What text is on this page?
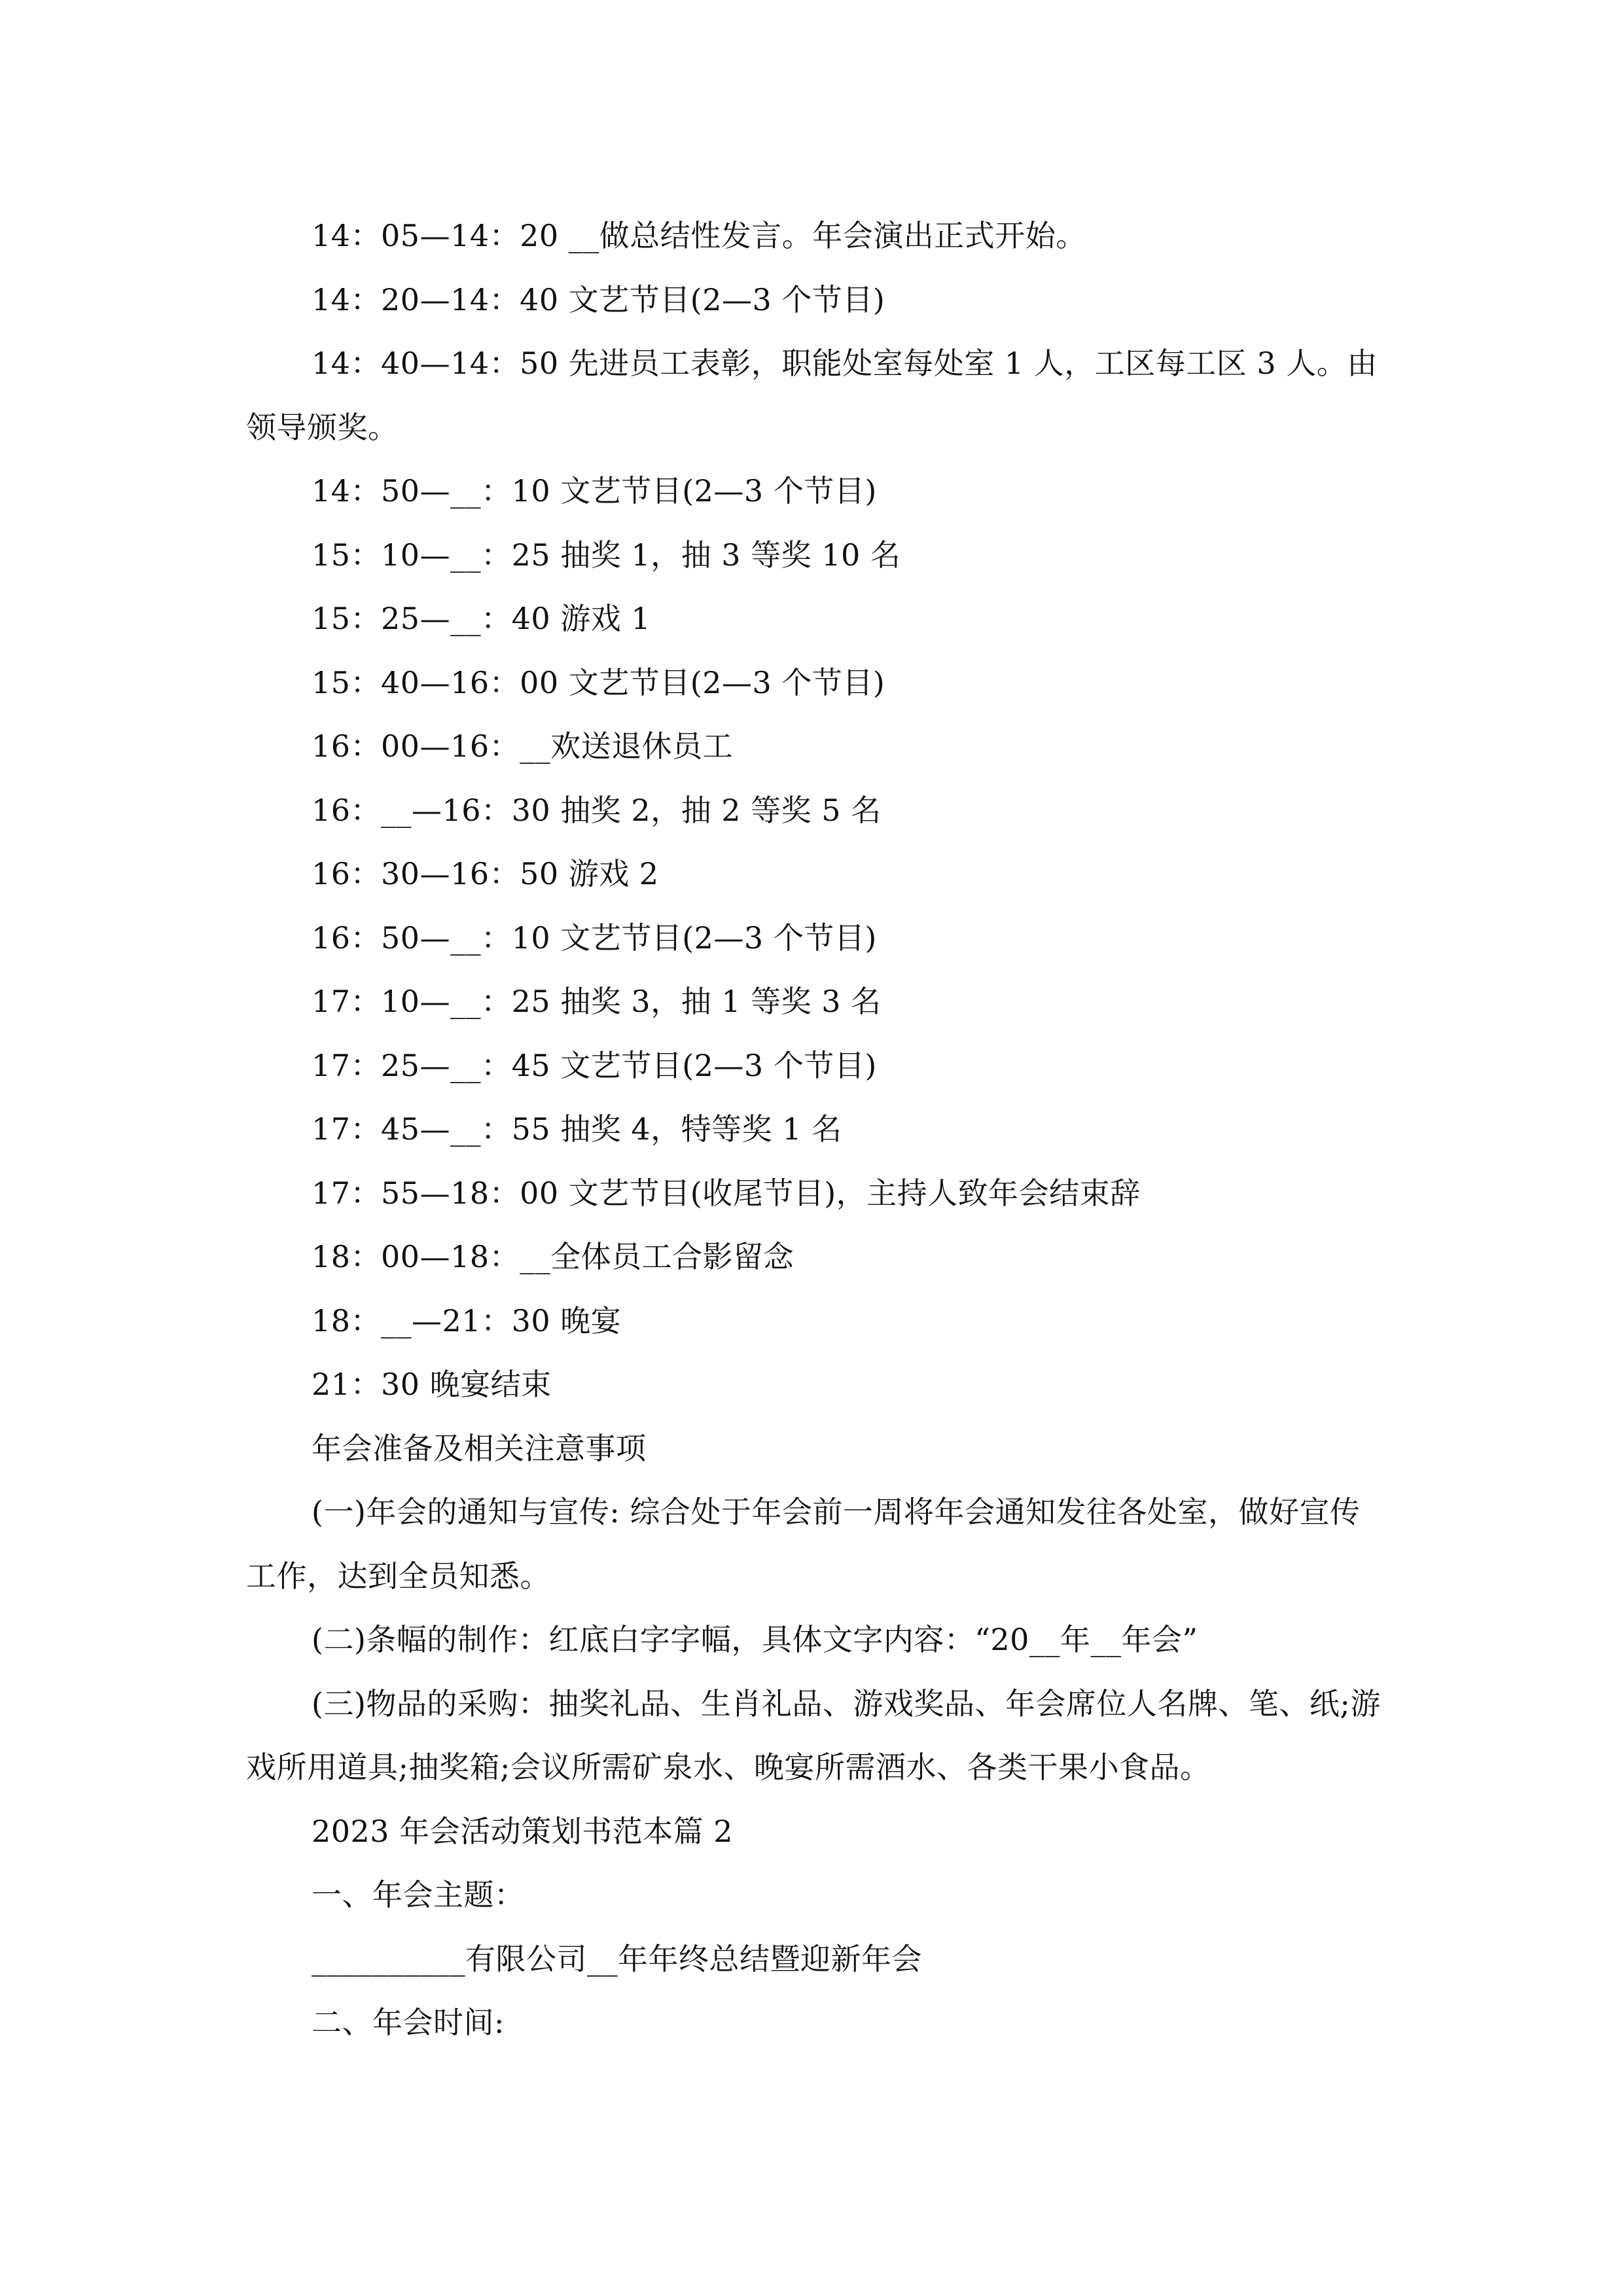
14：05—14：20 __做总结性发言。年会演出正式开始。

14：20—14：40 文艺节目(2—3 个节目)

14：40—14：50 先进员工表彰，职能处室每处室 1 人，工区每工区 3 人。由领导颁奖。

14：50—__：10 文艺节目(2—3 个节目)

15：10—__：25 抽奖 1，抽 3 等奖 10 名

15：25—__：40 游戏 1

15：40—16：00 文艺节目(2—3 个节目)

16：00—16：__欢送退休员工

16：__—16：30 抽奖 2，抽 2 等奖 5 名

16：30—16：50 游戏 2

16：50—__：10 文艺节目(2—3 个节目)

17：10—__：25 抽奖 3，抽 1 等奖 3 名

17：25—__：45 文艺节目(2—3 个节目)

17：45—__：55 抽奖 4，特等奖 1 名

17：55—18：00 文艺节目(收尾节目)，主持人致年会结束辞

18：00—18：__全体员工合影留念

18：__—21：30 晚宴

21：30 晚宴结束

年会准备及相关注意事项

(一)年会的通知与宣传: 综合处于年会前一周将年会通知发往各处室，做好宣传工作，达到全员知悉。

(二)条幅的制作：红底白字字幅，具体文字内容：“20__年__年会”

(三)物品的采购：抽奖礼品、生肖礼品、游戏奖品、年会席位人名牌、笔、纸;游戏所用道具;抽奖箱;会议所需矿泉水、晚宴所需酒水、各类干果小食品。

2023 年会活动策划书范本篇 2

一、年会主题：

__________有限公司__年年终总结暨迎新年会

二、年会时间:
